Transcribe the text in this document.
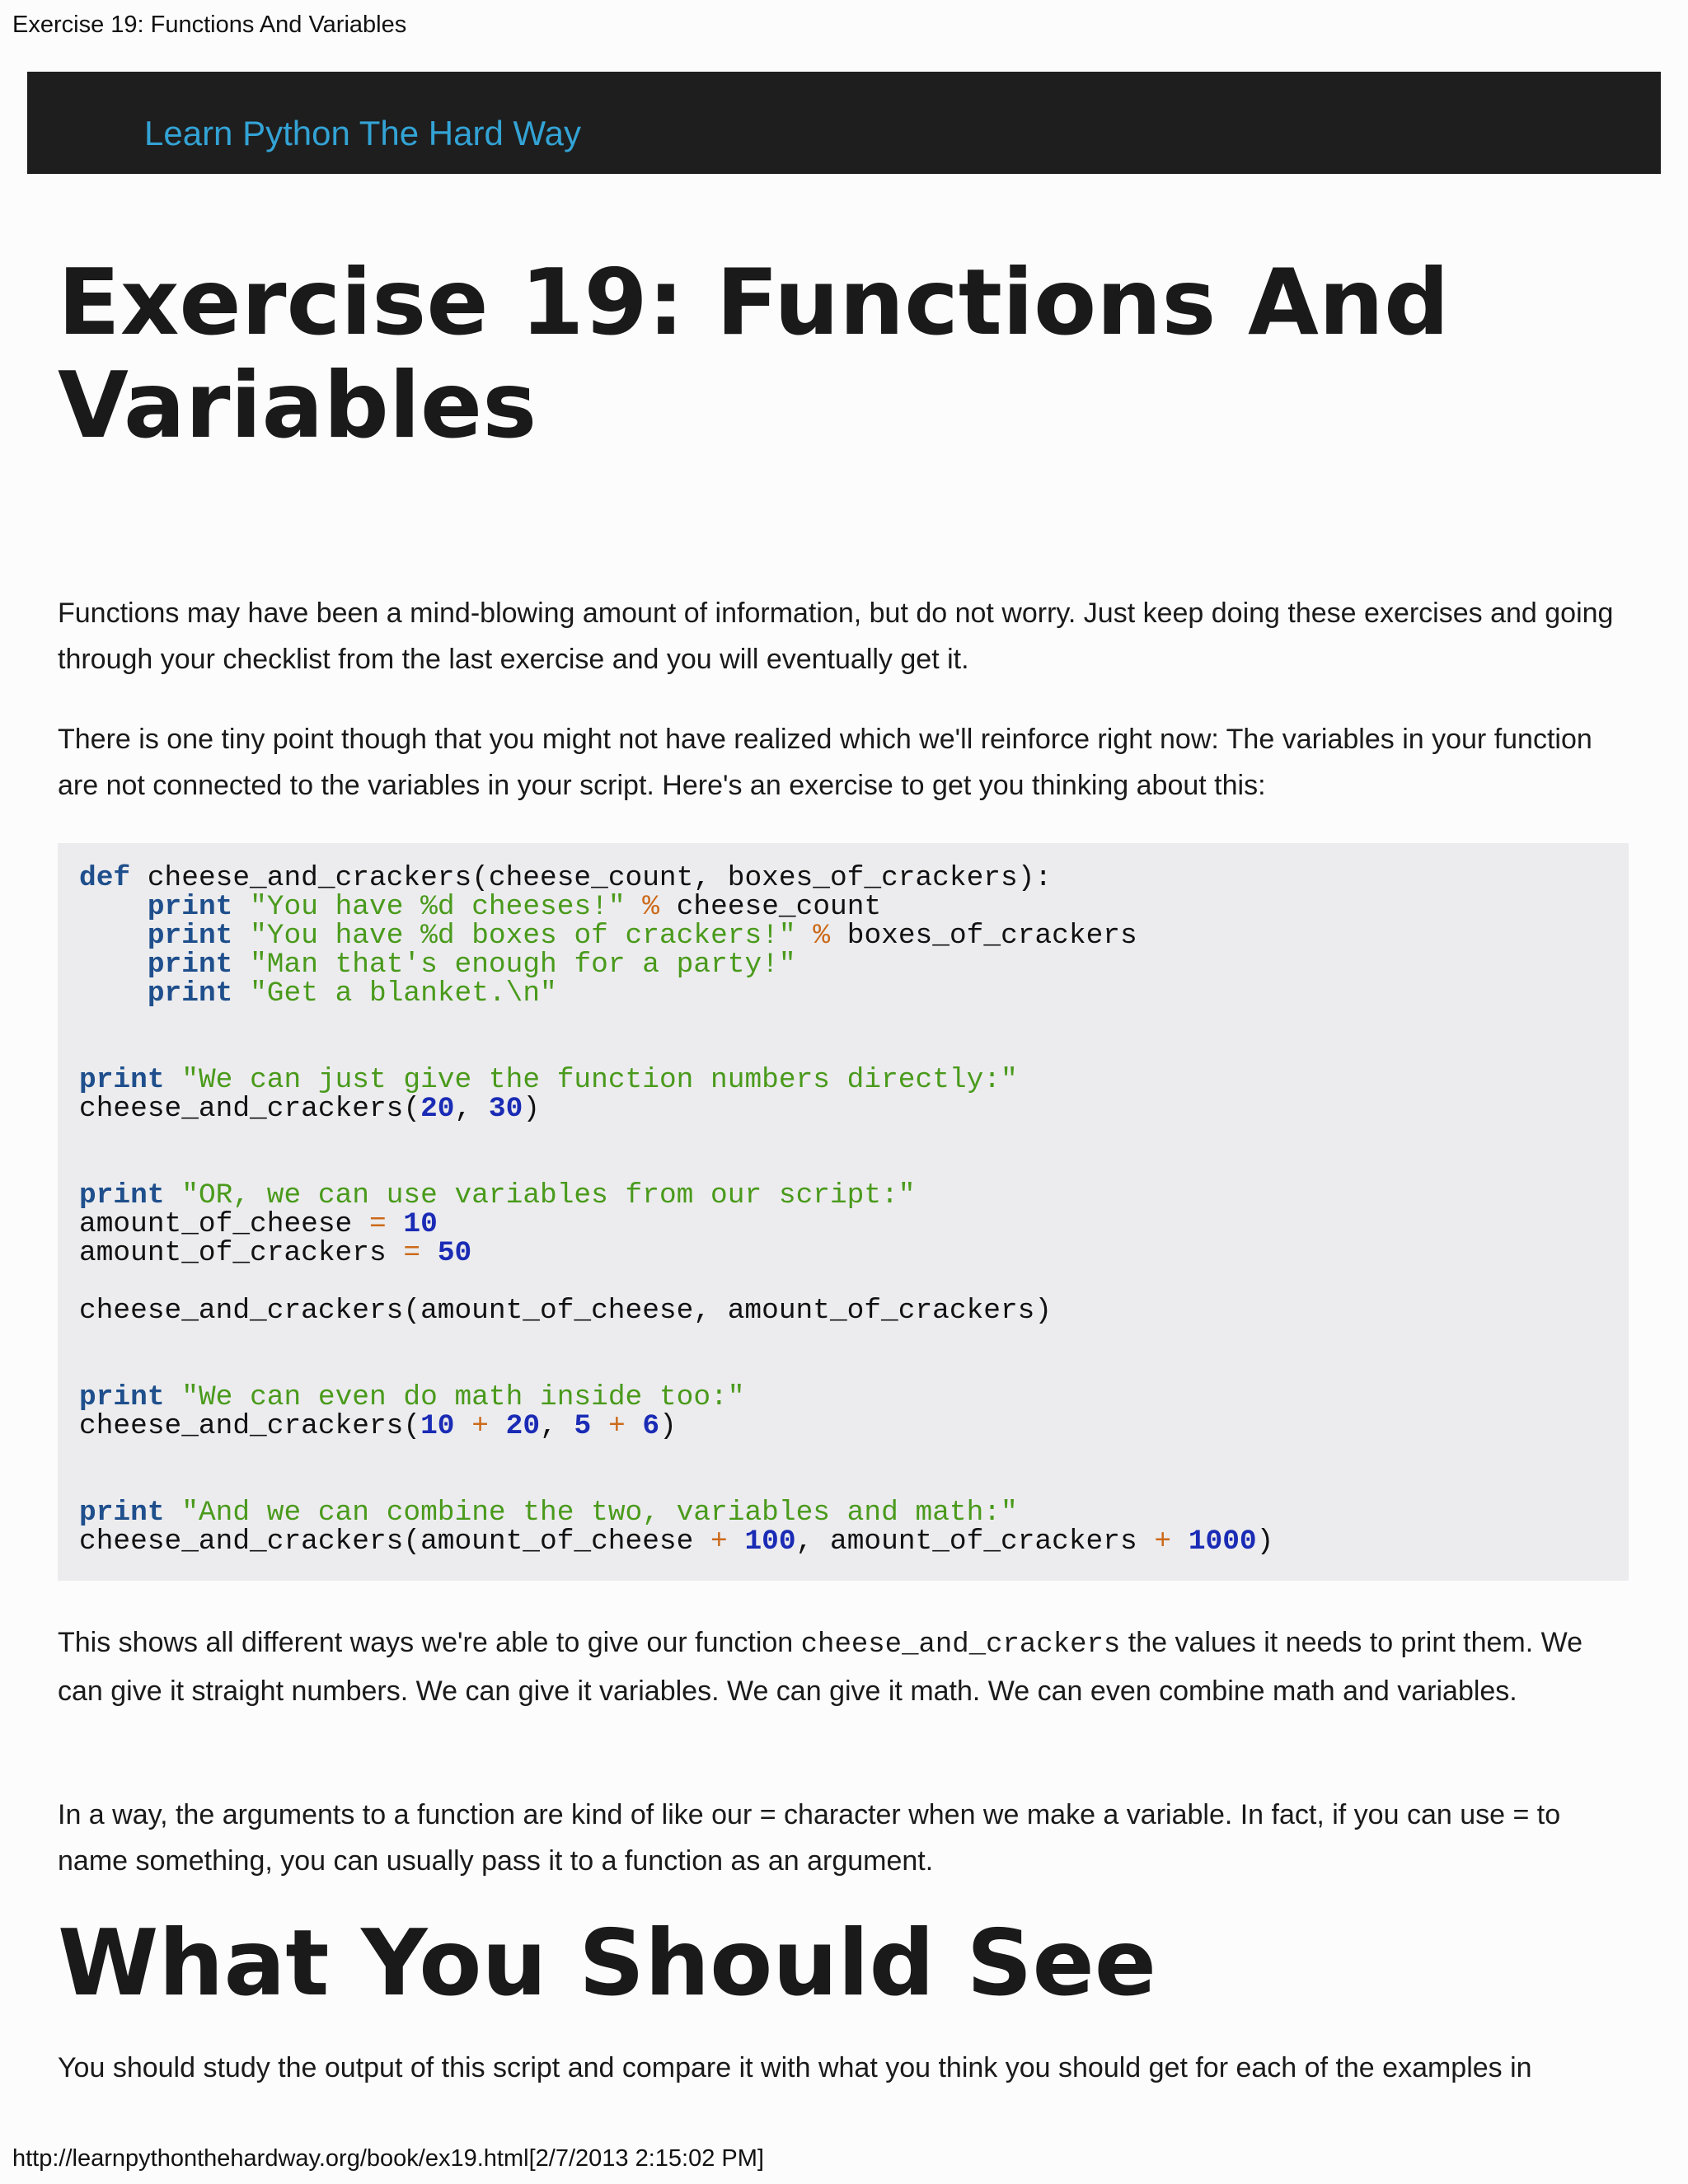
Exercise 19: Functions And Variables
Learn Python The Hard Way
Exercise 19: Functions And Variables

Functions may have been a mind-blowing amount of information, but do not worry. Just keep doing these exercises and going through your checklist from the last exercise and you will eventually get it.

There is one tiny point though that you might not have realized which we'll reinforce right now: The variables in your function are not connected to the variables in your script. Here's an exercise to get you thinking about this:

def cheese_and_crackers(cheese_count, boxes_of_crackers):
print "You have %d cheeses!" % cheese_count
print "You have %d boxes of crackers!" % boxes_of_crackers
print "Man that's enough for a party!"
print "Get a blanket.\n"

print "We can just give the function numbers directly:"
cheese_and_crackers(20, 30)

print "OR, we can use variables from our script:"
amount_of_cheese = 10
amount_of_crackers = 50

cheese_and_crackers(amount_of_cheese, amount_of_crackers)

print "We can even do math inside too:"
cheese_and_crackers(10 + 20, 5 + 6)

print "And we can combine the two, variables and math:"
cheese_and_crackers(amount_of_cheese + 100, amount_of_crackers + 1000)

This shows all different ways we're able to give our function cheese_and_crackers the values it needs to print them. We can give it straight numbers. We can give it variables. We can give it math. We can even combine math and variables.

In a way, the arguments to a function are kind of like our = character when we make a variable. In fact, if you can use = to name something, you can usually pass it to a function as an argument.

What You Should See

You should study the output of this script and compare it with what you think you should get for each of the examples in

http://learnpythonthehardway.org/book/ex19.html[2/7/2013 2:15:02 PM]
